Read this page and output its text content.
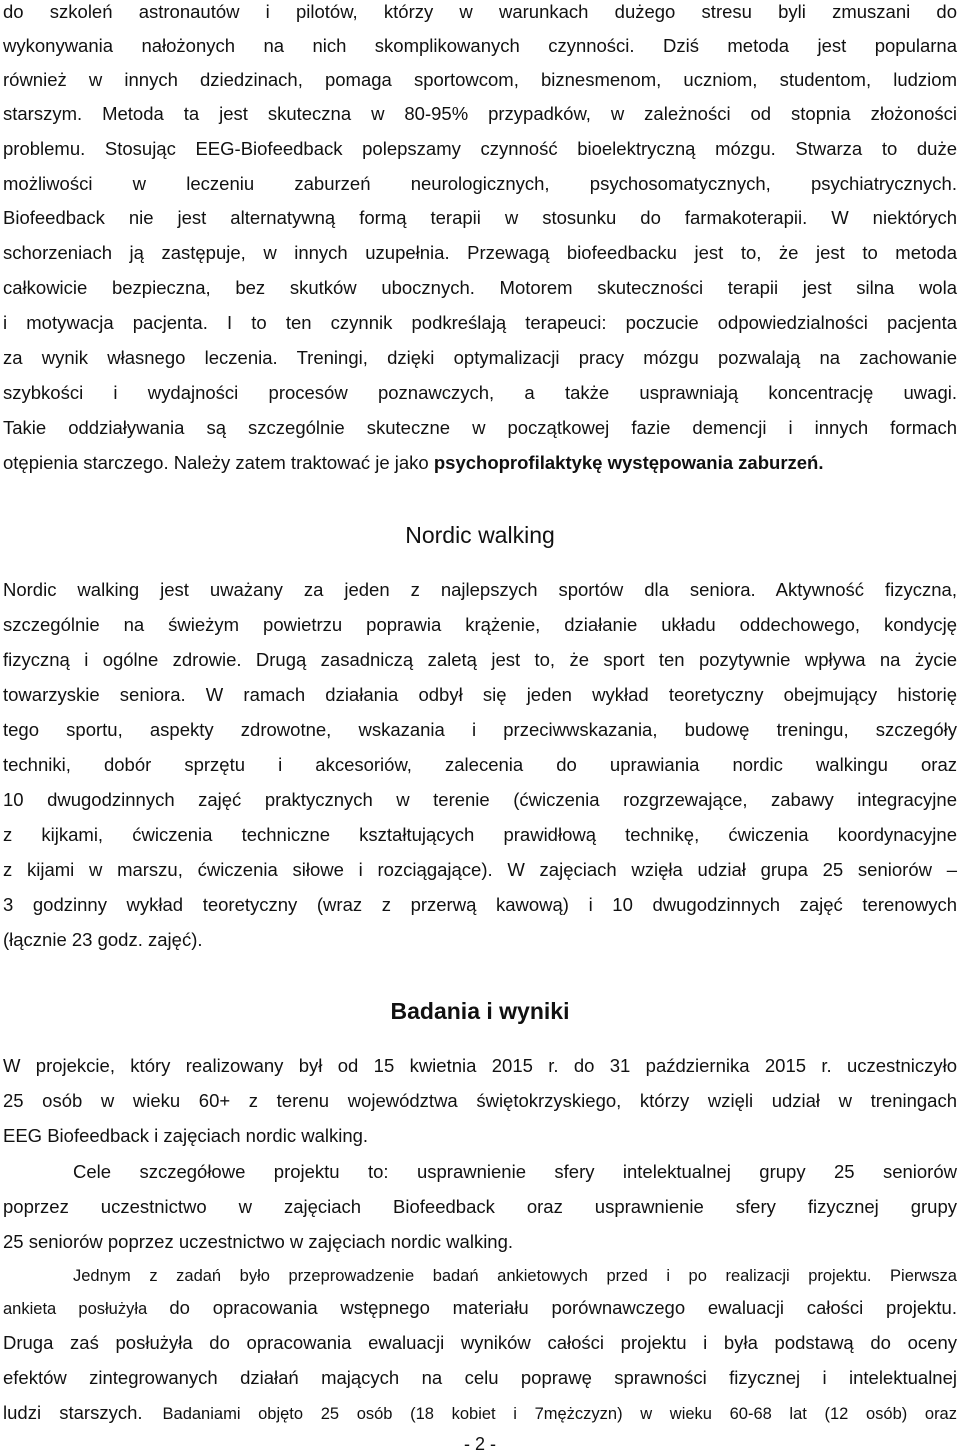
do szkoleń astronautów i pilotów, którzy w warunkach dużego stresu byli zmuszani do
wykonywania nałożonych na nich skomplikowanych czynności. Dziś metoda jest popularna
również w innych dziedzinach, pomaga sportowcom, biznesmenom, uczniom, studentom, ludziom
starszym. Metoda ta jest skuteczna w 80-95% przypadków, w zależności od stopnia złożoności
problemu. Stosując EEG-Biofeedback polepszamy czynność bioelektryczną mózgu. Stwarza to duże
możliwości w leczeniu zaburzeń neurologicznych, psychosomatycznych, psychiatrycznych.
Biofeedback nie jest alternatywną formą terapii w stosunku do farmakoterapii. W niektórych
schorzeniach ją zastępuje, w innych uzupełnia. Przewagą biofeedbacku jest to, że jest to metoda
całkowicie bezpieczna, bez skutków ubocznych. Motorem skuteczności terapii jest silna wola
i motywacja pacjenta. I to ten czynnik podkreślają terapeuci: poczucie odpowiedzialności pacjenta
za wynik własnego leczenia. Treningi, dzięki optymalizacji pracy mózgu pozwalają na zachowanie
szybkości i wydajności procesów poznawczych, a także usprawniają koncentrację uwagi.
Takie oddziaływania są szczególnie skuteczne w początkowej fazie demencji i innych formach
otępienia starczego. Należy zatem traktować je jako psychoprofilaktykę występowania zaburzeń.
Nordic walking
Nordic walking jest uważany za jeden z najlepszych sportów dla seniora. Aktywność fizyczna,
szczególnie na świeżym powietrzu poprawia krążenie, działanie układu oddechowego, kondycję
fizyczną i ogólne zdrowie. Drugą zasadniczą zaletą jest to, że sport ten pozytywnie wpływa na życie
towarzyskie seniora. W ramach działania odbył się jeden wykład teoretyczny obejmujący historię
tego sportu, aspekty zdrowotne, wskazania i przeciwwskazania, budowę treningu, szczegóły
techniki, dobór sprzętu i akcesoriów, zalecenia do uprawiania nordic walkingu oraz
10 dwugodzinnych zajęć praktycznych w terenie (ćwiczenia rozgrzewające, zabawy integracyjne
z kijkami, ćwiczenia techniczne kształtujących prawidłową technikę, ćwiczenia koordynacyjne
z kijami w marszu, ćwiczenia siłowe i rozciągające). W zajęciach wzięła udział grupa 25 seniorów –
3 godzinny wykład teoretyczny (wraz z przerwą kawową) i 10 dwugodzinnych zajęć terenowych
(łącznie 23 godz. zajęć).
Badania i wyniki
W projekcie, który realizowany był od 15 kwietnia 2015 r. do 31 października 2015 r. uczestniczyło
25 osób w wieku 60+ z terenu województwa świętokrzyskiego, którzy wzięli udział w treningach
EEG Biofeedback i zajęciach nordic walking.
Cele szczegółowe projektu to: usprawnienie sfery intelektualnej grupy 25 seniorów
poprzez uczestnictwo w zajęciach Biofeedback oraz usprawnienie sfery fizycznej grupy
25 seniorów poprzez uczestnictwo w zajęciach nordic walking.
Jednym z zadań było przeprowadzenie badań ankietowych przed i po realizacji projektu. Pierwsza
ankieta posłużyła do opracowania wstępnego materiału porównawczego ewaluacji całości projektu.
Druga zaś posłużyła do opracowania ewaluacji wyników całości projektu i była podstawą do oceny
efektów zintegrowanych działań mających na celu poprawę sprawności fizycznej i intelektualnej
ludzi starszych. Badaniami objęto 25 osób (18 kobiet i 7mężczyzn) w wieku 60-68 lat (12 osób) oraz
- 2 -
